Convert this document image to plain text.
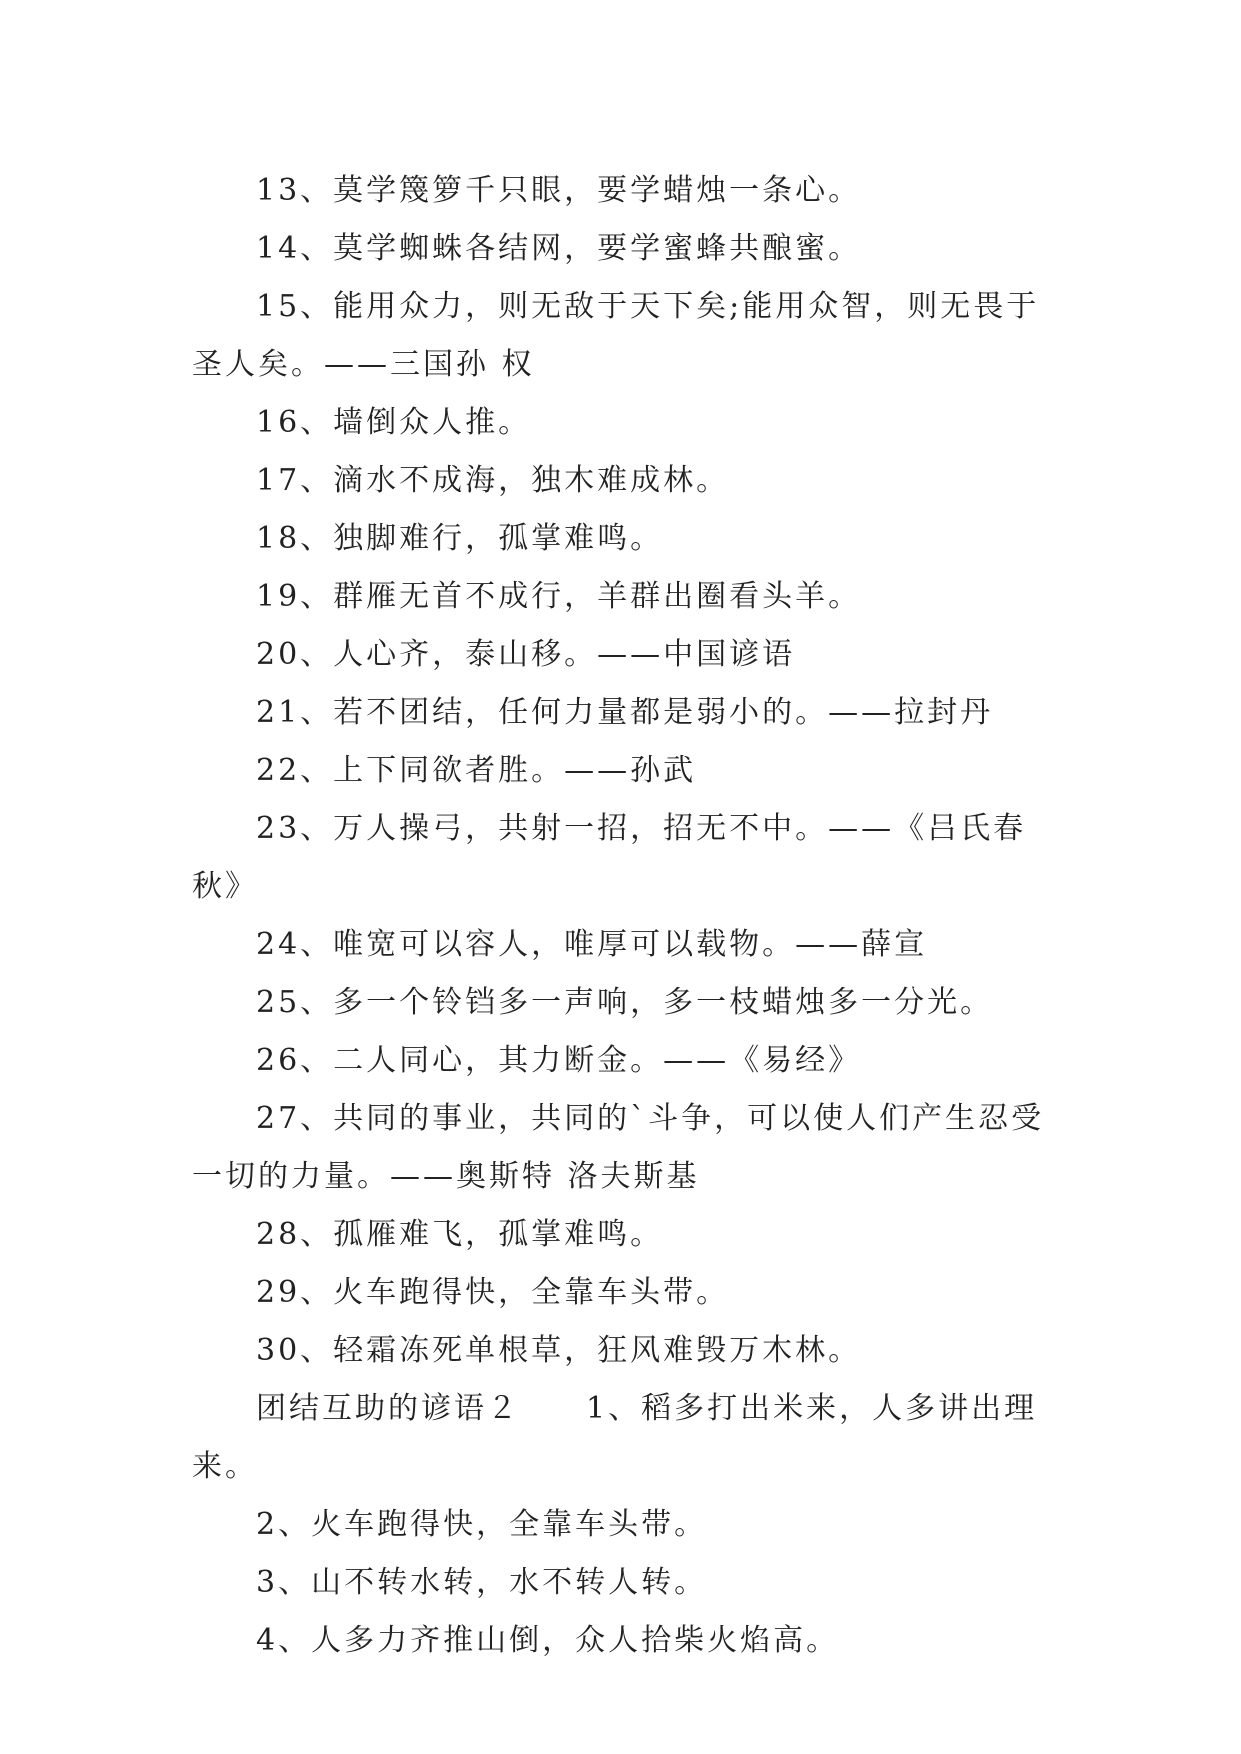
13、莫学篾箩千只眼，要学蜡烛一条心。

14、莫学蜘蛛各结网，要学蜜蜂共酿蜜。

15、能用众力，则无敌于天下矣;能用众智，则无畏于圣人矣。——三国孙 权

16、墙倒众人推。

17、滴水不成海，独木难成林。

18、独脚难行，孤掌难鸣。

19、群雁无首不成行，羊群出圈看头羊。

20、人心齐，泰山移。——中国谚语

21、若不团结，任何力量都是弱小的。——拉封丹

22、上下同欲者胜。——孙武

23、万人操弓，共射一招，招无不中。——《吕氏春秋》

24、唯宽可以容人，唯厚可以载物。——薛宣

25、多一个铃铛多一声响，多一枝蜡烛多一分光。

26、二人同心，其力断金。——《易经》

27、共同的事业，共同的`斗争，可以使人们产生忍受一切的力量。——奥斯特 洛夫斯基

28、孤雁难飞，孤掌难鸣。

29、火车跑得快，全靠车头带。

30、轻霜冻死单根草，狂风难毁万木林。

团结互助的谚语２　　1、稻多打出米来，人多讲出理来。

2、火车跑得快，全靠车头带。

3、山不转水转，水不转人转。

4、人多力齐推山倒，众人拾柴火焰高。
